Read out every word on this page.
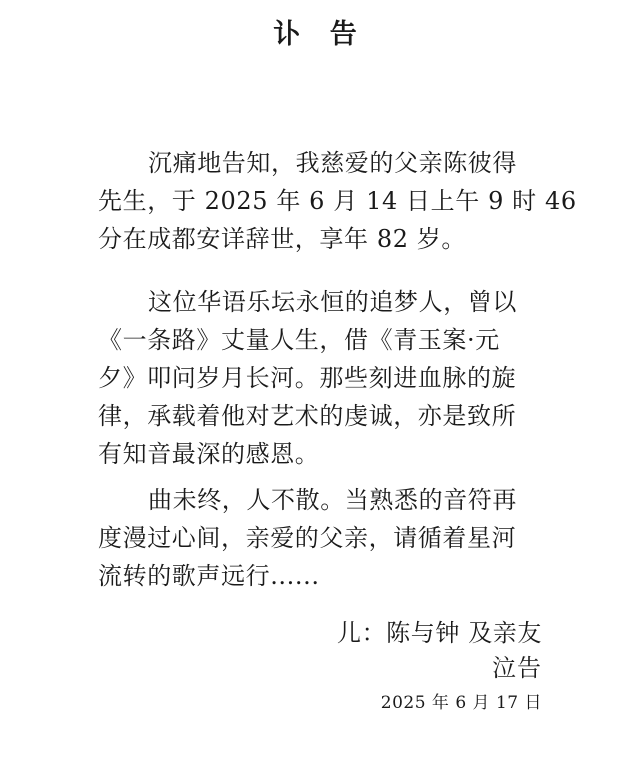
讣 告

沉痛地告知，我慈爱的父亲陈彼得
先生，于 2025 年 6 月 14 日上午 9 时 46
分在成都安详辞世，享年 82 岁。

这位华语乐坛永恒的追梦人，曾以
《一条路》丈量人生，借《青玉案·元
夕》叩问岁月长河。那些刻进血脉的旋
律，承载着他对艺术的虔诚，亦是致所
有知音最深的感恩。

曲未终，人不散。当熟悉的音符再
度漫过心间，亲爱的父亲，请循着星河
流转的歌声远行......

儿：陈与钟 及亲友

泣告

2025 年 6 月 17 日
